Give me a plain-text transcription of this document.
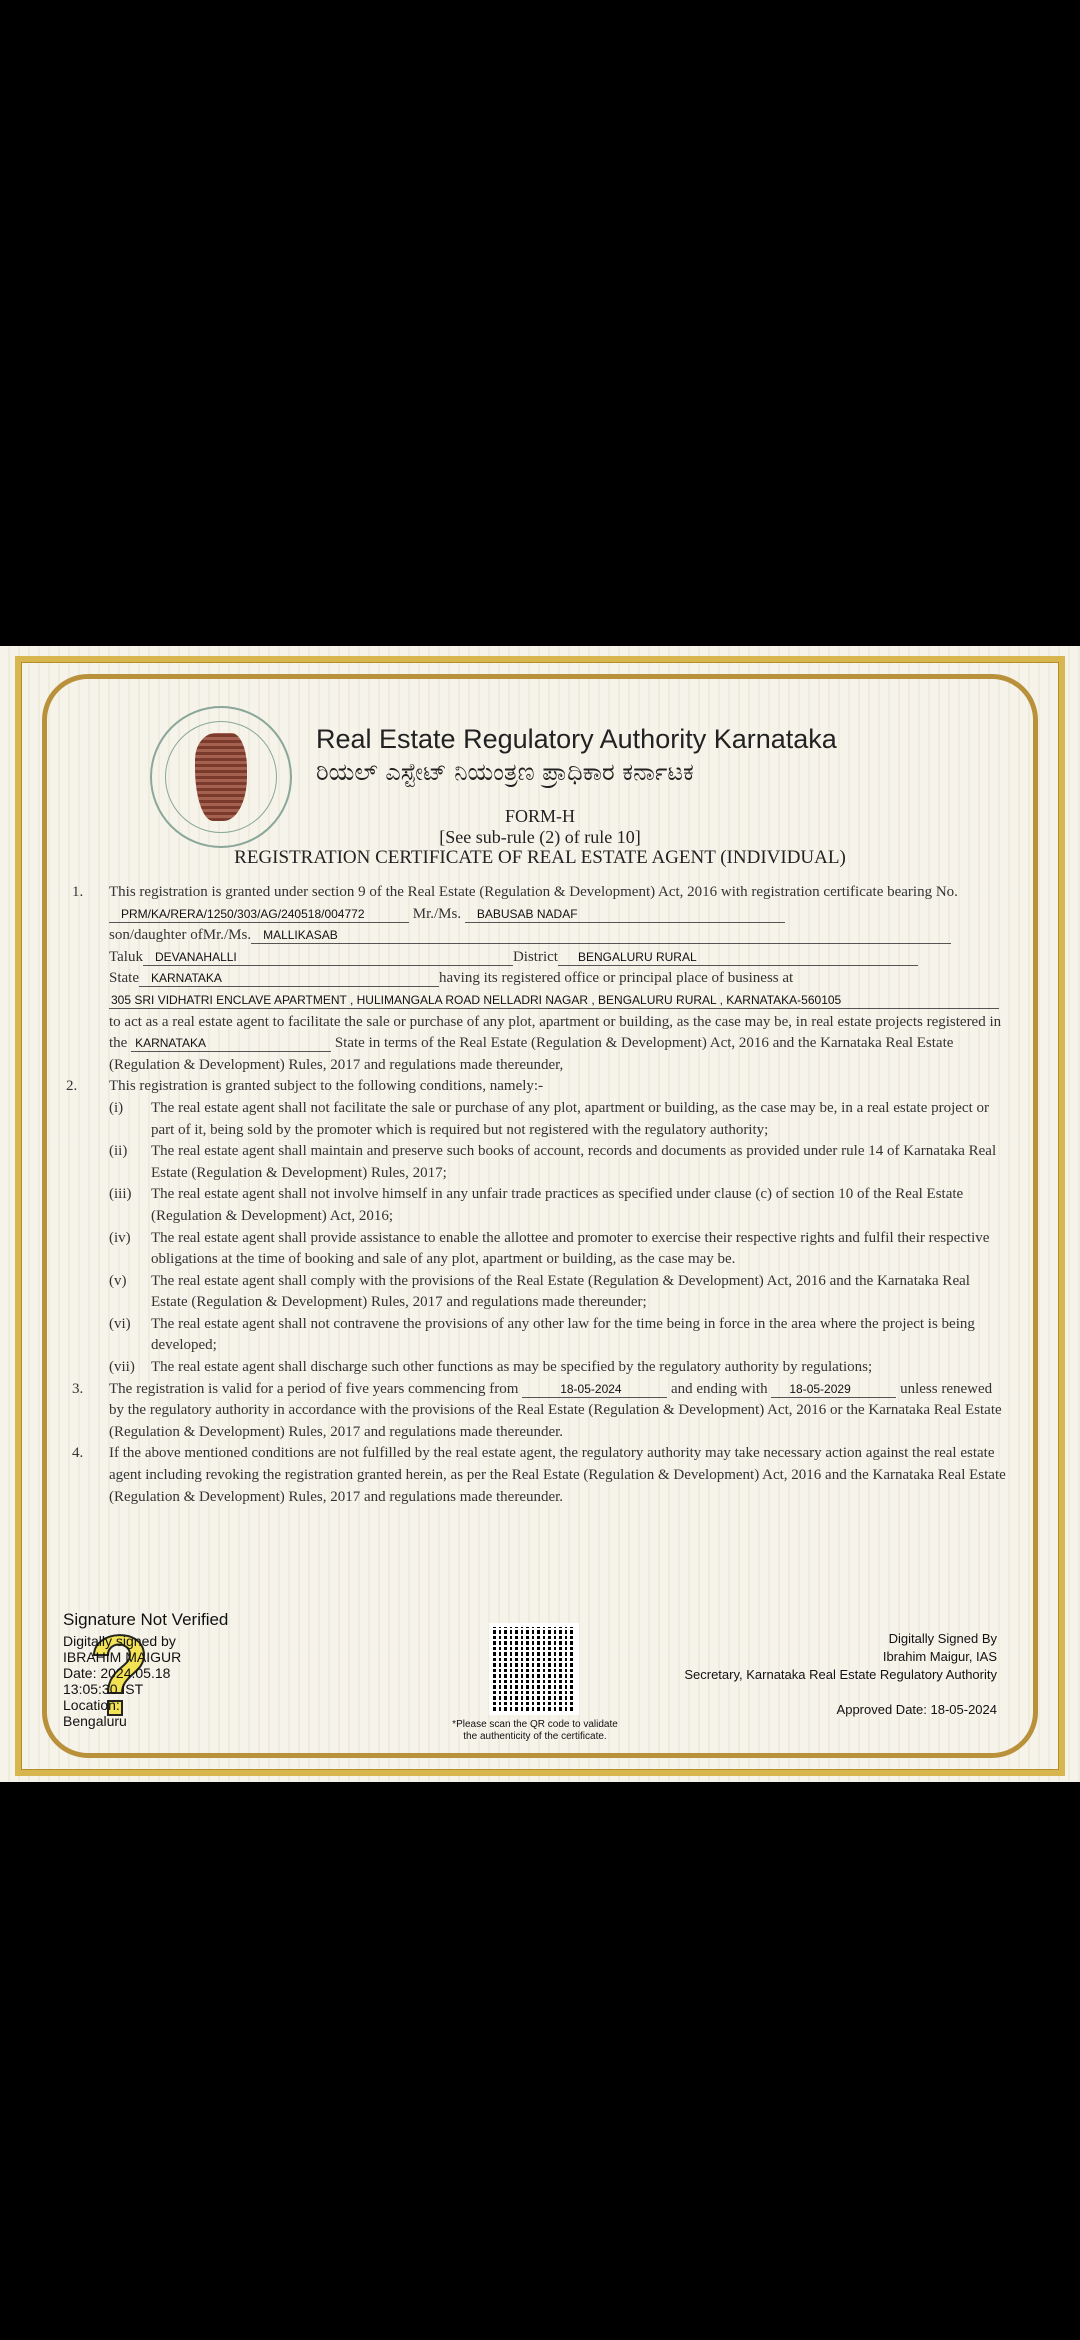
Real Estate Regulatory Authority Karnataka
ರಿಯಲ್ ಎಸ್ಟೇಟ್ ನಿಯಂತ್ರಣ ಪ್ರಾಧಿಕಾರ ಕರ್ನಾಟಕ
FORM-H
[See sub-rule (2) of rule 10]
REGISTRATION CERTIFICATE OF REAL ESTATE AGENT (INDIVIDUAL)
1.	This registration is granted under section 9 of the Real Estate (Regulation & Development) Act, 2016 with registration certificate bearing No. PRM/KA/RERA/1250/303/AG/240518/004772	Mr./Ms. BABUSAB NADAF
son/daughter ofMr./Ms. MALLIKASAB
Taluk DEVANAHALLI	District BENGALURU RURAL
State KARNATAKA	having its registered office or principal place of business at
305 SRI VIDHATRI ENCLAVE APARTMENT , HULIMANGALA ROAD NELLADRI NAGAR , BENGALURU RURAL , KARNATAKA-560105
to act as a real estate agent to facilitate the sale or purchase of any plot, apartment or building, as the case may be, in real estate projects registered in the KARNATAKA	State in terms of the Real Estate (Regulation & Development) Act, 2016 and the Karnataka Real Estate (Regulation & Development) Rules, 2017 and regulations made thereunder,
2.	This registration is granted subject to the following conditions, namely:-
(i)	The real estate agent shall not facilitate the sale or purchase of any plot, apartment or building, as the case may be, in a real estate project or part of it, being sold by the promoter which is required but not registered with the regulatory authority;
(ii)	The real estate agent shall maintain and preserve such books of account, records and documents as provided under rule 14 of Karnataka Real Estate (Regulation & Development) Rules, 2017;
(iii)	The real estate agent shall not involve himself in any unfair trade practices as specified under clause (c) of section 10 of the Real Estate (Regulation & Development) Act, 2016;
(iv)	The real estate agent shall provide assistance to enable the allottee and promoter to exercise their respective rights and fulfil their respective obligations at the time of booking and sale of any plot, apartment or building, as the case may be.
(v)	The real estate agent shall comply with the provisions of the Real Estate (Regulation & Development) Act, 2016 and the Karnataka Real Estate (Regulation & Development) Rules, 2017 and regulations made thereunder;
(vi)	The real estate agent shall not contravene the provisions of any other law for the time being in force in the area where the project is being developed;
(vii)	The real estate agent shall discharge such other functions as may be specified by the regulatory authority by regulations;
3.	The registration is valid for a period of five years commencing from	18-05-2024	and ending with 18-05-2029	unless renewed by the regulatory authority in accordance with the provisions of the Real Estate (Regulation & Development) Act, 2016 or the Karnataka Real Estate (Regulation & Development) Rules, 2017 and regulations made thereunder.
4.	If the above mentioned conditions are not fulfilled by the real estate agent, the regulatory authority may take necessary action against the real estate agent including revoking the registration granted herein, as per the Real Estate (Regulation & Development) Act, 2016 and the Karnataka Real Estate (Regulation & Development) Rules, 2017 and regulations made thereunder.
Signature Not Verified
Digitally signed by
IBRAHIM MAIGUR
Date: 2024.05.18
13:05:30 IST
Location:
Bengaluru	*Please scan the QR code to validate
the authenticity of the certificate.
Digitally Signed By
Ibrahim Maigur, IAS
Secretary, Karnataka Real Estate Regulatory Authority
Approved Date: 18-05-2024
